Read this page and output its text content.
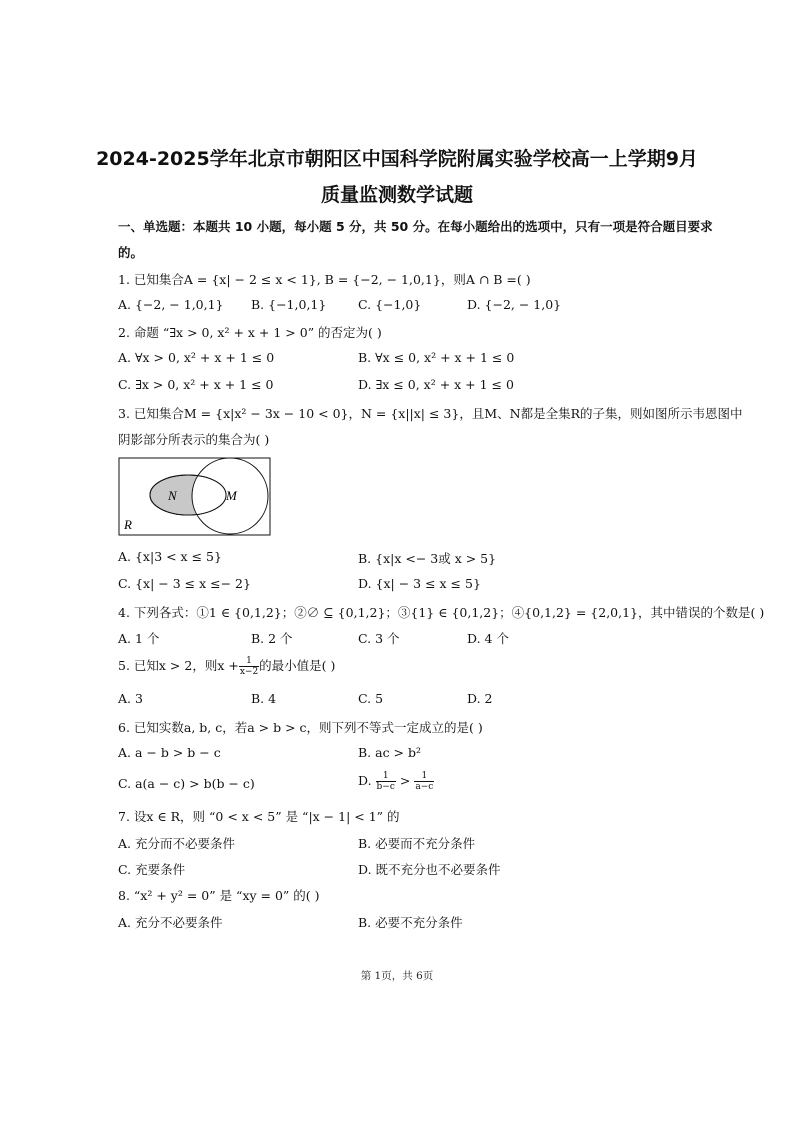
2024-2025学年北京市朝阳区中国科学院附属实验学校高一上学期9月
质量监测数学试题
一、单选题：本题共 10 小题，每小题 5 分，共 50 分。在每小题给出的选项中，只有一项是符合题目要求
的。
1. 已知集合A = {x| − 2 ≤ x < 1}, B = {−2, − 1,0,1}，则A ∩ B =( )
A. {−2, − 1,0,1} B. {−1,0,1}	C. {−1,0}	D. {−2, − 1,0}
2. 命题 “∃x > 0, x² + x + 1 > 0” 的否定为( )
A. ∀x > 0, x² + x + 1 ≤ 0	B. ∀x ≤ 0, x² + x + 1 ≤ 0
C. ∃x > 0, x² + x + 1 ≤ 0	D. ∃x ≤ 0, x² + x + 1 ≤ 0
3. 已知集合M = {x|x² − 3x − 10 < 0}，N = {x||x| ≤ 3}，且M、N都是全集R的子集，则如图所示韦恩图中
阴影部分所表示的集合为( )
N	M
R
A. {x|3 < x ≤ 5}	B. {x|x <− 3或 x > 5}
C. {x| − 3 ≤ x ≤− 2}	D. {x| − 3 ≤ x ≤ 5}
4. 下列各式：①1 ∈ {0,1,2}；②∅ ⊆ {0,1,2}；③{1} ∈ {0,1,2}；④{0,1,2} = {2,0,1}，其中错误的个数是( )
A. 1 个	B. 2 个	C. 3 个	D. 4 个
5. 已知x > 2，则$x + \frac{1}{x-2}$ 的最小值是( )
A. 3	B. 4	C. 5	D. 2
6. 已知实数a, b, c，若a > b > c，则下列不等式一定成立的是( )
A. a − b > b − c	B. ac > b²
C. a(a − c) > b(b − c)	D. $\frac{1}{b-c} > \frac{1}{a-c}$
7. 设x ∈ R，则 “0 < x < 5” 是 “|x − 1| < 1” 的
A. 充分而不必要条件	B. 必要而不充分条件
C. 充要条件	D. 既不充分也不必要条件
8. “x² + y² = 0” 是 “xy = 0” 的( )
A. 充分不必要条件	B. 必要不充分条件
第 1页，共 6页
